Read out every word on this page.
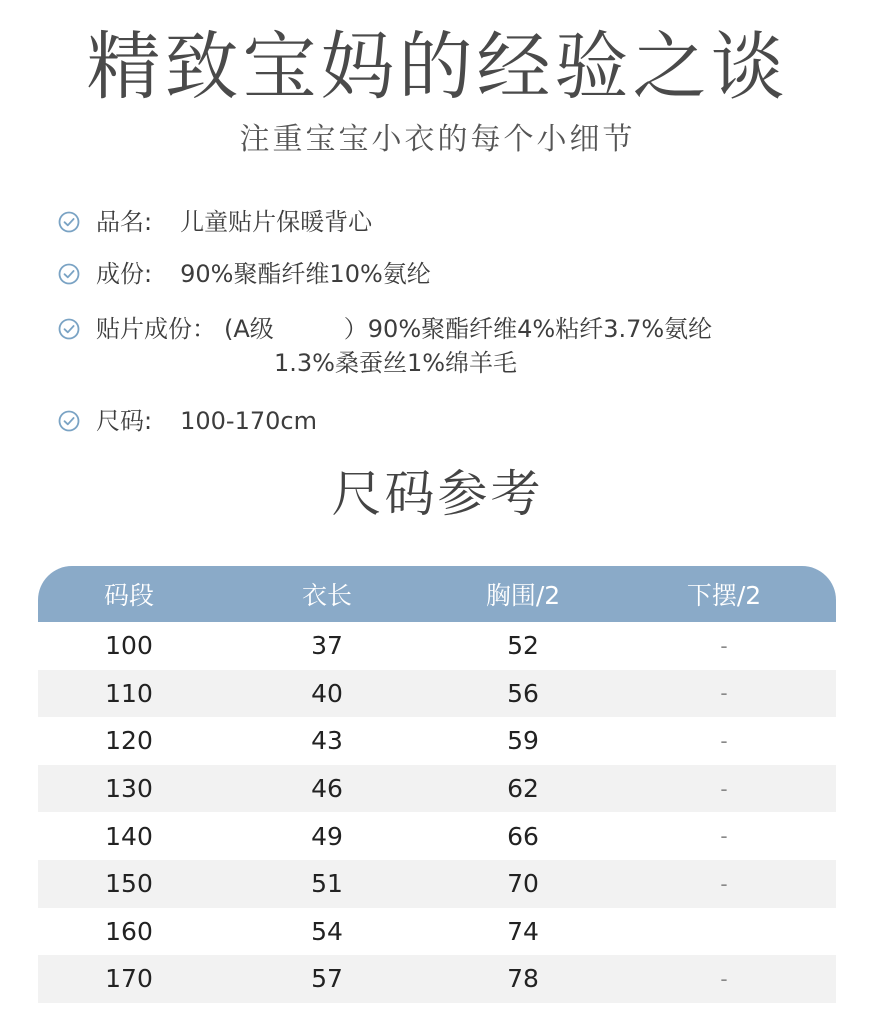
精致宝妈的经验之谈
注重宝宝小衣的每个小细节
品名: 儿童贴片保暖背心
成份: 90%聚酯纤维10%氨纶
贴片成份： (A级	）90%聚酯纤维4%粘纤3.7%氨纶
1.3%桑蚕丝1%绵羊毛
尺码: 100-170cm
尺码参考
码段	衣长	胸围/2	下摆/2
100	37	52	-
110	40	56	-
120	43	59	-
130	46	62	-
140	49	66	-
150	51	70	-
160	54	74
170	57	78	-
